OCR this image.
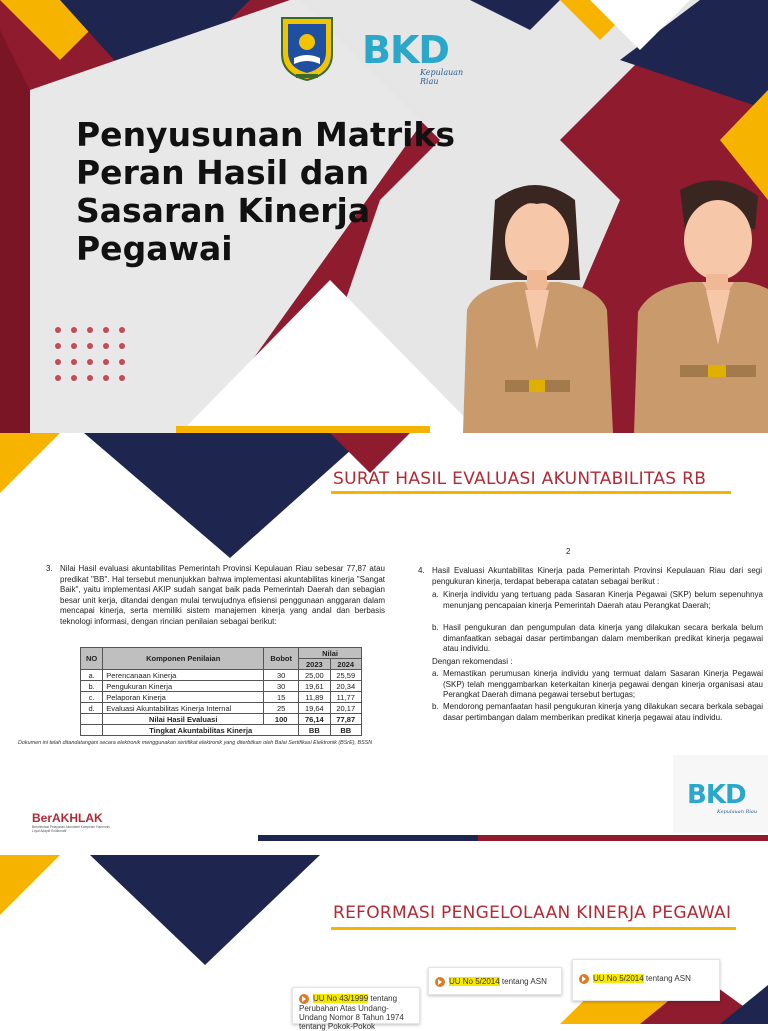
BKD
Kepulauan Riau
Penyusunan Matriks
Peran Hasil dan
Sasaran Kinerja
Pegawai
SURAT HASIL EVALUASI AKUNTABILITAS RB
2
3. Nilai Hasil evaluasi akuntabilitas Pemerintah Provinsi Kepulauan Riau sebesar 77,87 atau predikat "BB". Hal tersebut menunjukkan bahwa implementasi akuntabilitas kinerja "Sangat Baik", yaitu implementasi AKIP sudah sangat baik pada Pemerintah Daerah dan sebagian besar unit kerja, ditandai dengan mulai terwujudnya efisiensi penggunaan anggaran dalam mencapai kinerja, serta memiliki sistem manajemen kinerja yang andal dan berbasis teknologi informasi, dengan rincian penilaian sebagai berikut:
NO	Komponen Penilaian	Bobot	Nilai	
			2023	2024
a.	Perencanaan Kinerja	30	25,00	25,59
b.	Pengukuran Kinerja	30	19,61	20,34
c.	Pelaporan Kinerja	15	11,89	11,77
d.	Evaluasi Akuntabilitas Kinerja Internal	25	19,64	20,17
	Nilai Hasil Evaluasi	100	76,14	77,87
	Tingkat Akuntabilitas Kinerja		BB	BB
Dokumen ini telah ditandatangani secara elektronik menggunakan sertifikat elektronik yang diterbitkan oleh Balai Sertifikasi Elektronik (BSrE), BSSN
4. Hasil Evaluasi Akuntabilitas Kinerja pada Pemerintah Provinsi Kepulauan Riau dari segi pengukuran kinerja, terdapat beberapa catatan sebagai berikut :
a. Kinerja individu yang tertuang pada Sasaran Kinerja Pegawai (SKP) belum sepenuhnya menunjang pencapaian kinerja Pemerintah Daerah atau Perangkat Daerah;
b. Hasil pengukuran dan pengumpulan data kinerja yang dilakukan secara berkala belum dimanfaatkan sebagai dasar pertimbangan dalam memberikan predikat kinerja pegawai atau individu.
Dengan rekomendasi :
a. Memastikan perumusan kinerja individu yang termuat dalam Sasaran Kinerja Pegawai (SKP) telah menggambarkan keterkaitan kinerja pegawai dengan kinerja organisasi atau Perangkat Daerah dimana pegawai tersebut bertugas;
b. Mendorong pemanfaatan hasil pengukuran kinerja yang dilakukan secara berkala sebagai dasar pertimbangan dalam memberikan predikat kinerja pegawai atau individu.
BerAKHLAK
Berorientasi Pelayanan Akuntabel Kompeten Harmonis Loyal Adaptif Kolaboratif
BKD
Kepulauan Riau
REFORMASI PENGELOLAAN KINERJA PEGAWAI
UU No 43/1999 tentang Perubahan Atas Undang-Undang Nomor 8 Tahun 1974 tentang Pokok-Pokok
UU No 5/2014 tentang ASN	UU No 5/2014 tentang ASN
